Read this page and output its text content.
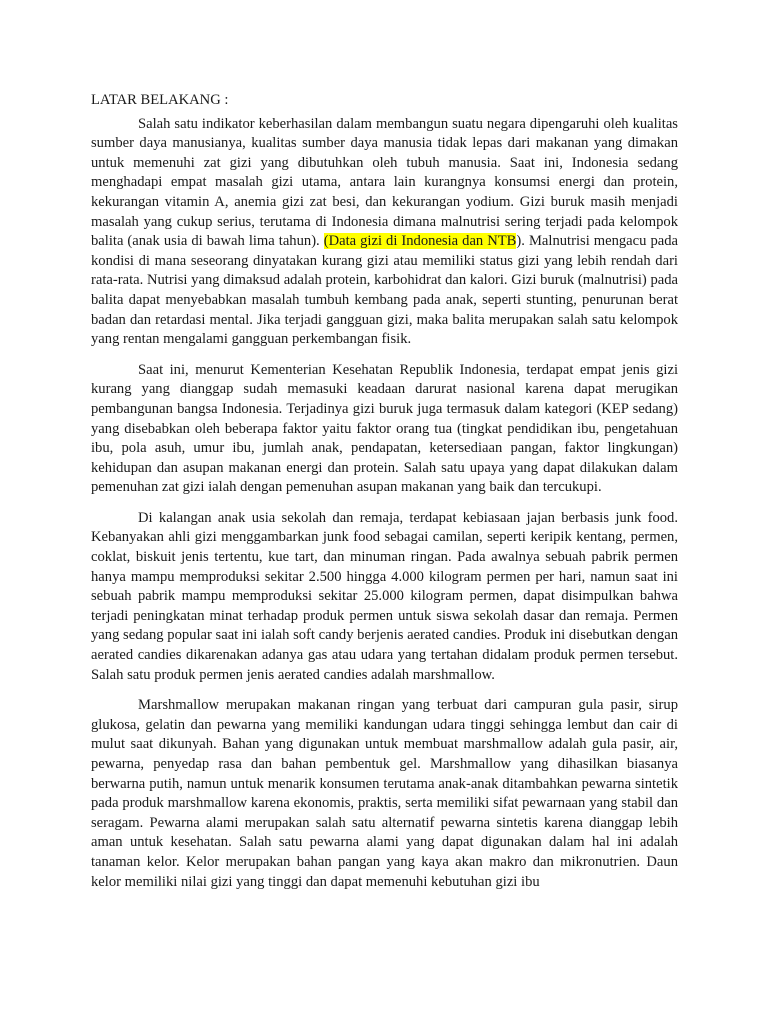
LATAR BELAKANG :

Salah satu indikator keberhasilan dalam membangun suatu negara dipengaruhi oleh kualitas sumber daya manusianya, kualitas sumber daya manusia tidak lepas dari makanan yang dimakan untuk memenuhi zat gizi yang dibutuhkan oleh tubuh manusia. Saat ini, Indonesia sedang menghadapi empat masalah gizi utama, antara lain kurangnya konsumsi energi dan protein, kekurangan vitamin A, anemia gizi zat besi, dan kekurangan yodium. Gizi buruk masih menjadi masalah yang cukup serius, terutama di Indonesia dimana malnutrisi sering terjadi pada kelompok balita (anak usia di bawah lima tahun). (Data gizi di Indonesia dan NTB). Malnutrisi mengacu pada kondisi di mana seseorang dinyatakan kurang gizi atau memiliki status gizi yang lebih rendah dari rata-rata. Nutrisi yang dimaksud adalah protein, karbohidrat dan kalori. Gizi buruk (malnutrisi) pada balita dapat menyebabkan masalah tumbuh kembang pada anak, seperti stunting, penurunan berat badan dan retardasi mental. Jika terjadi gangguan gizi, maka balita merupakan salah satu kelompok yang rentan mengalami gangguan perkembangan fisik.

Saat ini, menurut Kementerian Kesehatan Republik Indonesia, terdapat empat jenis gizi kurang yang dianggap sudah memasuki keadaan darurat nasional karena dapat merugikan pembangunan bangsa Indonesia. Terjadinya gizi buruk juga termasuk dalam kategori (KEP sedang) yang disebabkan oleh beberapa faktor yaitu faktor orang tua (tingkat pendidikan ibu, pengetahuan ibu, pola asuh, umur ibu, jumlah anak, pendapatan, ketersediaan pangan, faktor lingkungan) kehidupan dan asupan makanan energi dan protein. Salah satu upaya yang dapat dilakukan dalam pemenuhan zat gizi ialah dengan pemenuhan asupan makanan yang baik dan tercukupi.

Di kalangan anak usia sekolah dan remaja, terdapat kebiasaan jajan berbasis junk food. Kebanyakan ahli gizi menggambarkan junk food sebagai camilan, seperti keripik kentang, permen, coklat, biskuit jenis tertentu, kue tart, dan minuman ringan. Pada awalnya sebuah pabrik permen hanya mampu memproduksi sekitar 2.500 hingga 4.000 kilogram permen per hari, namun saat ini sebuah pabrik mampu memproduksi sekitar 25.000 kilogram permen, dapat disimpulkan bahwa terjadi peningkatan minat terhadap produk permen untuk siswa sekolah dasar dan remaja. Permen yang sedang popular saat ini ialah soft candy berjenis aerated candies. Produk ini disebutkan dengan aerated candies dikarenakan adanya gas atau udara yang tertahan didalam produk permen tersebut. Salah satu produk permen jenis aerated candies adalah marshmallow.

Marshmallow merupakan makanan ringan yang terbuat dari campuran gula pasir, sirup glukosa, gelatin dan pewarna yang memiliki kandungan udara tinggi sehingga lembut dan cair di mulut saat dikunyah. Bahan yang digunakan untuk membuat marshmallow adalah gula pasir, air, pewarna, penyedap rasa dan bahan pembentuk gel. Marshmallow yang dihasilkan biasanya berwarna putih, namun untuk menarik konsumen terutama anak-anak ditambahkan pewarna sintetik pada produk marshmallow karena ekonomis, praktis, serta memiliki sifat pewarnaan yang stabil dan seragam. Pewarna alami merupakan salah satu alternatif pewarna sintetis karena dianggap lebih aman untuk kesehatan. Salah satu pewarna alami yang dapat digunakan dalam hal ini adalah tanaman kelor. Kelor merupakan bahan pangan yang kaya akan makro dan mikronutrien. Daun kelor memiliki nilai gizi yang tinggi dan dapat memenuhi kebutuhan gizi ibu
